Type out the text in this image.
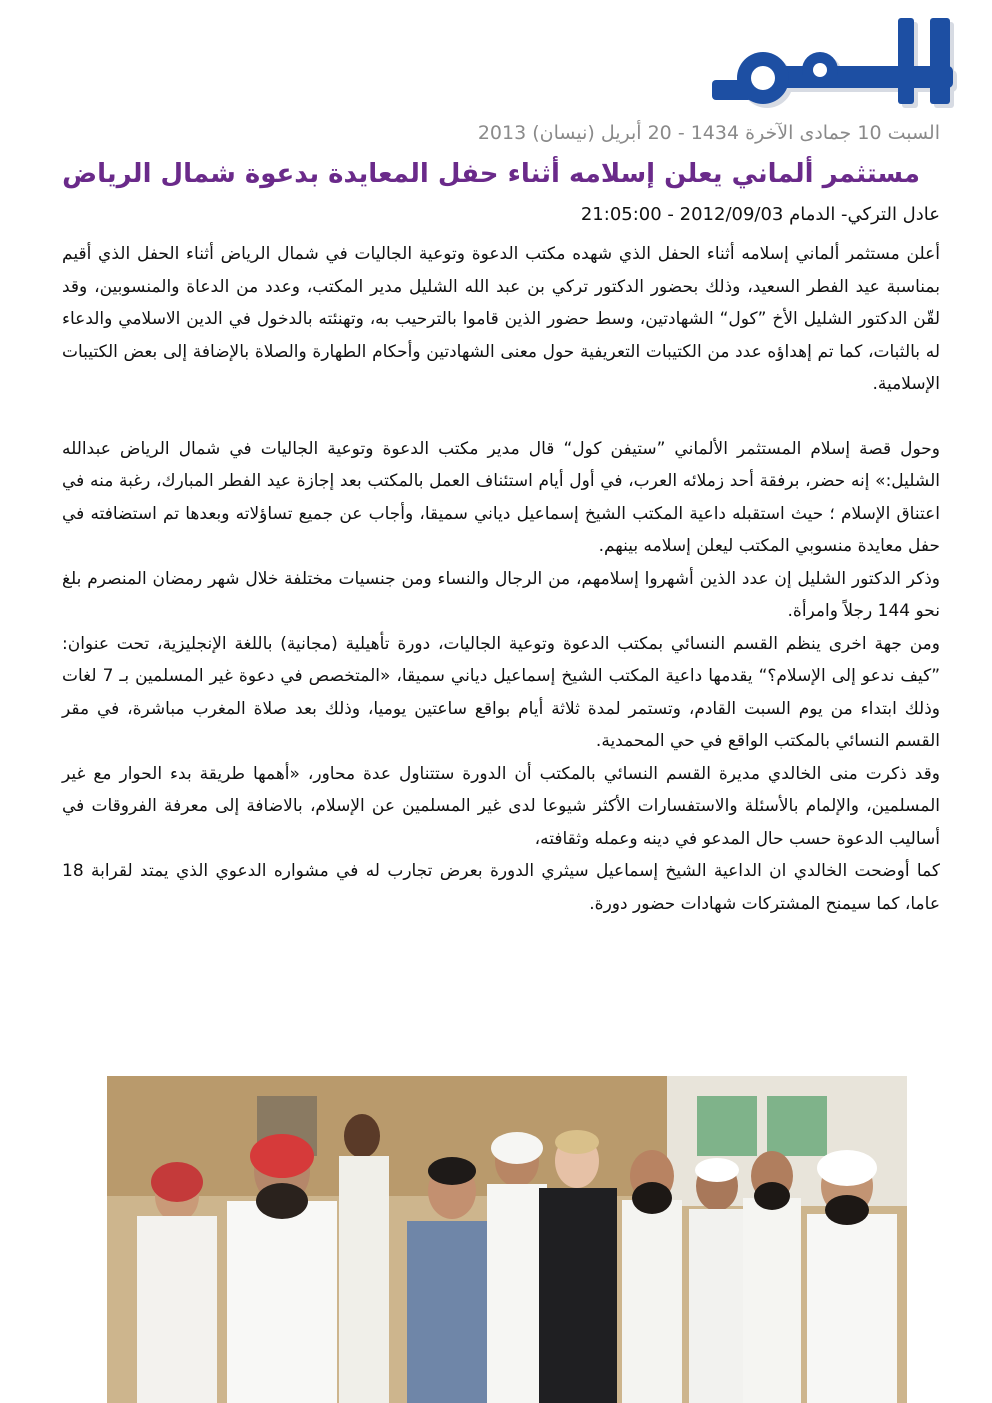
السبت 10 جمادى الآخرة 1434 - 20 أبريل (نيسان) 2013
مستثمر ألماني يعلن إسلامه أثناء حفل المعايدة بدعوة شمال الرياض
عادل التركي- الدمام 2012/09/03 - 21:05:00

أعلن مستثمر ألماني إسلامه أثناء الحفل الذي شهده مكتب الدعوة وتوعية الجاليات في شمال الرياض أثناء الحفل الذي أقيم بمناسبة عيد الفطر السعيد، وذلك بحضور الدكتور تركي بن عبد الله الشليل مدير المكتب، وعدد من الدعاة والمنسوبين، وقد لقّن الدكتور الشليل الأخ ”كول“ الشهادتين، وسط حضور الذين قاموا بالترحيب به، وتهنئته بالدخول في الدين الاسلامي والدعاء له بالثبات، كما تم إهداؤه عدد من الكتيبات التعريفية حول معنى الشهادتين وأحكام الطهارة والصلاة بالإضافة إلى بعض الكتيبات الإسلامية.

وحول قصة إسلام المستثمر الألماني ”ستيفن كول“ قال مدير مكتب الدعوة وتوعية الجاليات في شمال الرياض عبدالله الشليل:» إنه حضر، برفقة أحد زملائه العرب، في أول أيام استئناف العمل بالمكتب بعد إجازة عيد الفطر المبارك، رغبة منه في اعتناق الإسلام ؛ حيث استقبله داعية المكتب الشيخ إسماعيل دياني سميقا، وأجاب عن جميع تساؤلاته وبعدها تم استضافته في حفل معايدة منسوبي المكتب ليعلن إسلامه بينهم.

وذكر الدكتور الشليل إن عدد الذين أشهروا إسلامهم، من الرجال والنساء ومن جنسيات مختلفة خلال شهر رمضان المنصرم بلغ نحو 144 رجلاً وامرأة.

ومن جهة اخرى ينظم القسم النسائي بمكتب الدعوة وتوعية الجاليات، دورة تأهيلية (مجانية) باللغة الإنجليزية، تحت عنوان: ”كيف ندعو إلى الإسلام؟“ يقدمها داعية المكتب الشيخ إسماعيل دياني سميقا، «المتخصص في دعوة غير المسلمين بـ 7 لغات وذلك ابتداء من يوم السبت القادم، وتستمر لمدة ثلاثة أيام بواقع ساعتين يوميا، وذلك بعد صلاة المغرب مباشرة، في مقر القسم النسائي بالمكتب الواقع في حي المحمدية.

وقد ذكرت منى الخالدي مديرة القسم النسائي بالمكتب أن الدورة ستتناول عدة محاور، «أهمها طريقة بدء الحوار مع غير المسلمين، والإلمام بالأسئلة والاستفسارات الأكثر شيوعا لدى غير المسلمين عن الإسلام، بالاضافة إلى معرفة الفروقات في أساليب الدعوة حسب حال المدعو في دينه وعمله وثقافته،

كما أوضحت الخالدي ان الداعية الشيخ إسماعيل سيثري الدورة بعرض تجارب له في مشواره الدعوي الذي يمتد لقرابة 18 عاما، كما سيمنح المشتركات شهادات حضور دورة.
